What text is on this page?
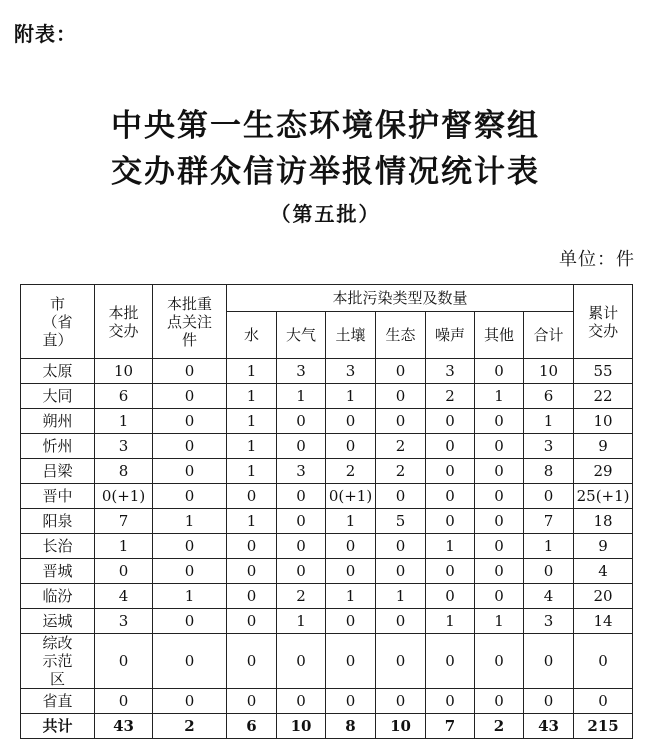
附表：
中央第一生态环境保护督察组
交办群众信访举报情况统计表
（第五批）
单位：件
市（省直）	本批交办	本批重点关注件	本批污染类型及数量							累计交办

			水	大气	土壤	生态	噪声	其他	合计	
太原	10	0	1	3	3	0	3	0	10	55
大同	6	0	1	1	1	0	2	1	6	22
朔州	1	0	1	0	0	0	0	0	1	10
忻州	3	0	1	0	0	2	0	0	3	9
吕梁	8	0	1	3	2	2	0	0	8	29
晋中	0(+1)	0	0	0	0(+1)	0	0	0	0	25(+1)
阳泉	7	1	1	0	1	5	0	0	7	18
长治	1	0	0	0	0	0	1	0	1	9
晋城	0	0	0	0	0	0	0	0	0	4
临汾	4	1	0	2	1	1	0	0	4	20
运城	3	0	0	1	0	0	1	1	3	14

综改示范区	0	0	0	0	0	0	0	0	0	0
省直	0	0	0	0	0	0	0	0	0	0
共计	43	2	6	10	8	10	7	2	43	215
